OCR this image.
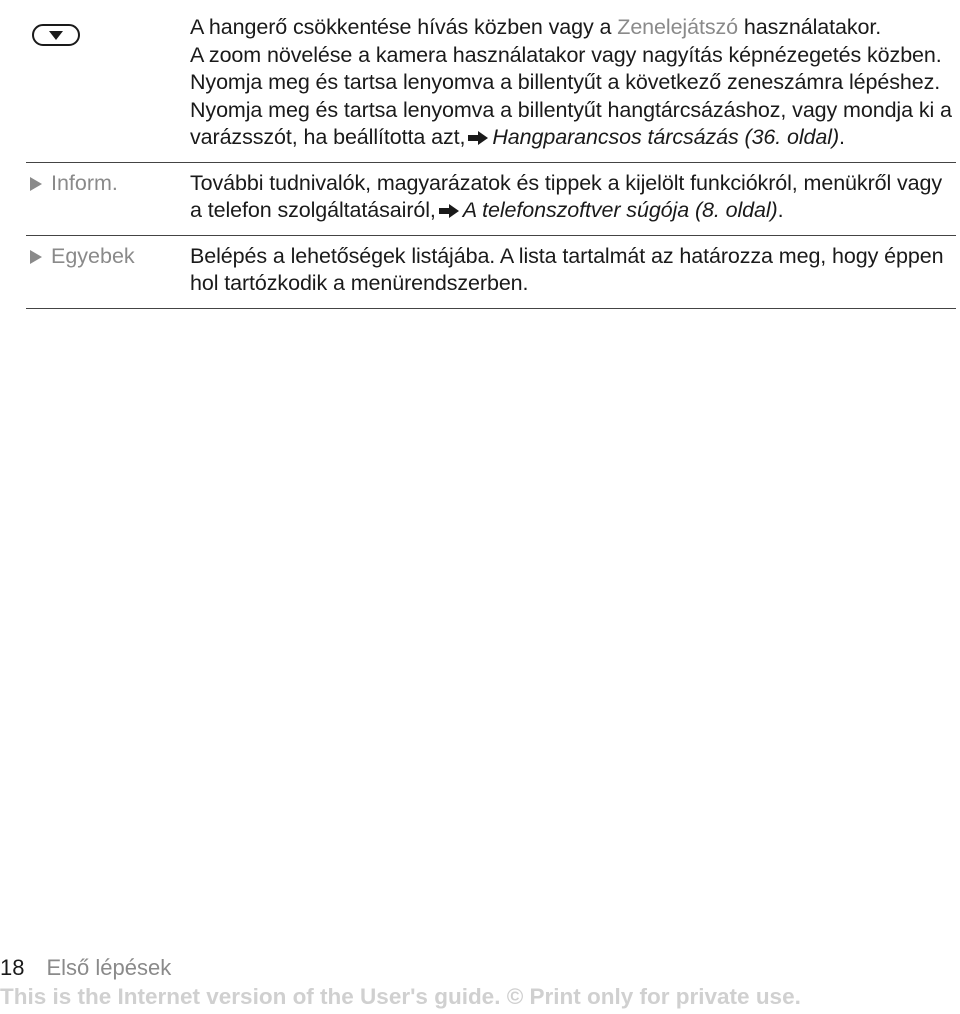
A hangerő csökkentése hívás közben vagy a Zenelejátszó használatakor.

A zoom növelése a kamera használatakor vagy nagyítás képnézegetés közben.

Nyomja meg és tartsa lenyomva a billentyűt a következő zeneszámra lépéshez.

Nyomja meg és tartsa lenyomva a billentyűt hangtárcsázáshoz, vagy mondja ki a varázsszót, ha beállította azt, Hangparancsos tárcsázás (36. oldal).

Inform.	További tudnivalók, magyarázatok és tippek a kijelölt funkciókról, menükről vagy a telefon szolgáltatásairól, A telefonszoftver súgója (8. oldal).

Egyebek	Belépés a lehetőségek listájába. A lista tartalmát az határozza meg, hogy éppen hol tartózkodik a menürendszerben.

18 Első lépések
This is the Internet version of the User's guide. © Print only for private use.
